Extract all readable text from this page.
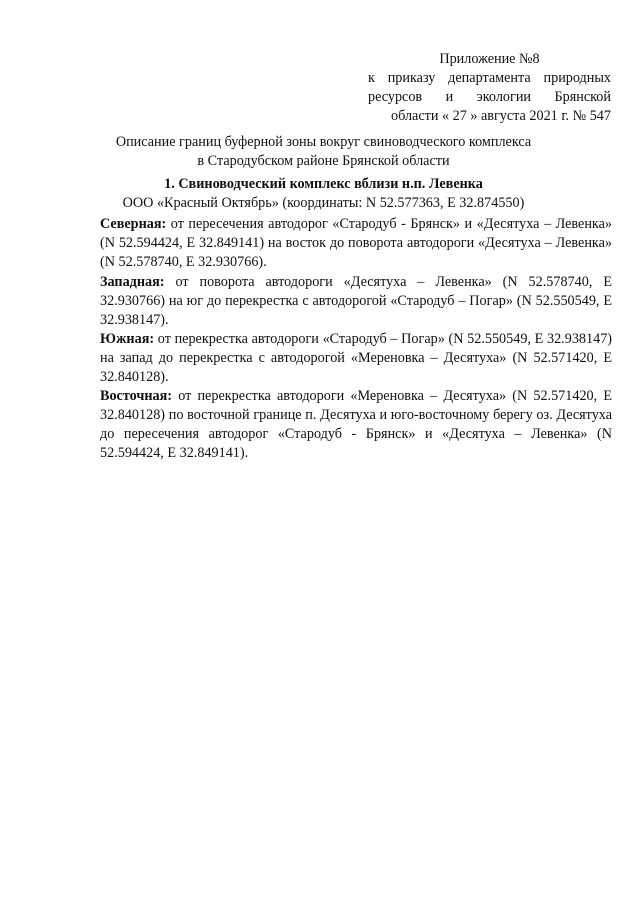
Приложение №8
к приказу департамента природных
ресурсов и экологии Брянской
области « 27 » августа 2021 г. № 547
Описание границ буферной зоны вокруг свиноводческого комплекса
в Стародубском районе Брянской области
1. Свиноводческий комплекс вблизи н.п. Левенка
ООО «Красный Октябрь» (координаты: N 52.577363, E 32.874550)
Северная: от пересечения автодорог «Стародуб - Брянск» и «Десятуха – Левенка» (N 52.594424, E 32.849141) на восток до поворота автодороги «Десятуха – Левенка» (N 52.578740, E 32.930766).
Западная: от поворота автодороги «Десятуха – Левенка» (N 52.578740, E 32.930766) на юг до перекрестка с автодорогой «Стародуб – Погар» (N 52.550549, E 32.938147).
Южная: от перекрестка автодороги «Стародуб – Погар» (N 52.550549, E 32.938147) на запад до перекрестка с автодорогой «Мереновка – Десятуха» (N 52.571420, E 32.840128).
Восточная: от перекрестка автодороги «Мереновка – Десятуха» (N 52.571420, E 32.840128) по восточной границе п. Десятуха и юго-восточному берегу оз. Десятуха до пересечения автодорог «Стародуб - Брянск» и «Десятуха – Левенка» (N 52.594424, E 32.849141).
